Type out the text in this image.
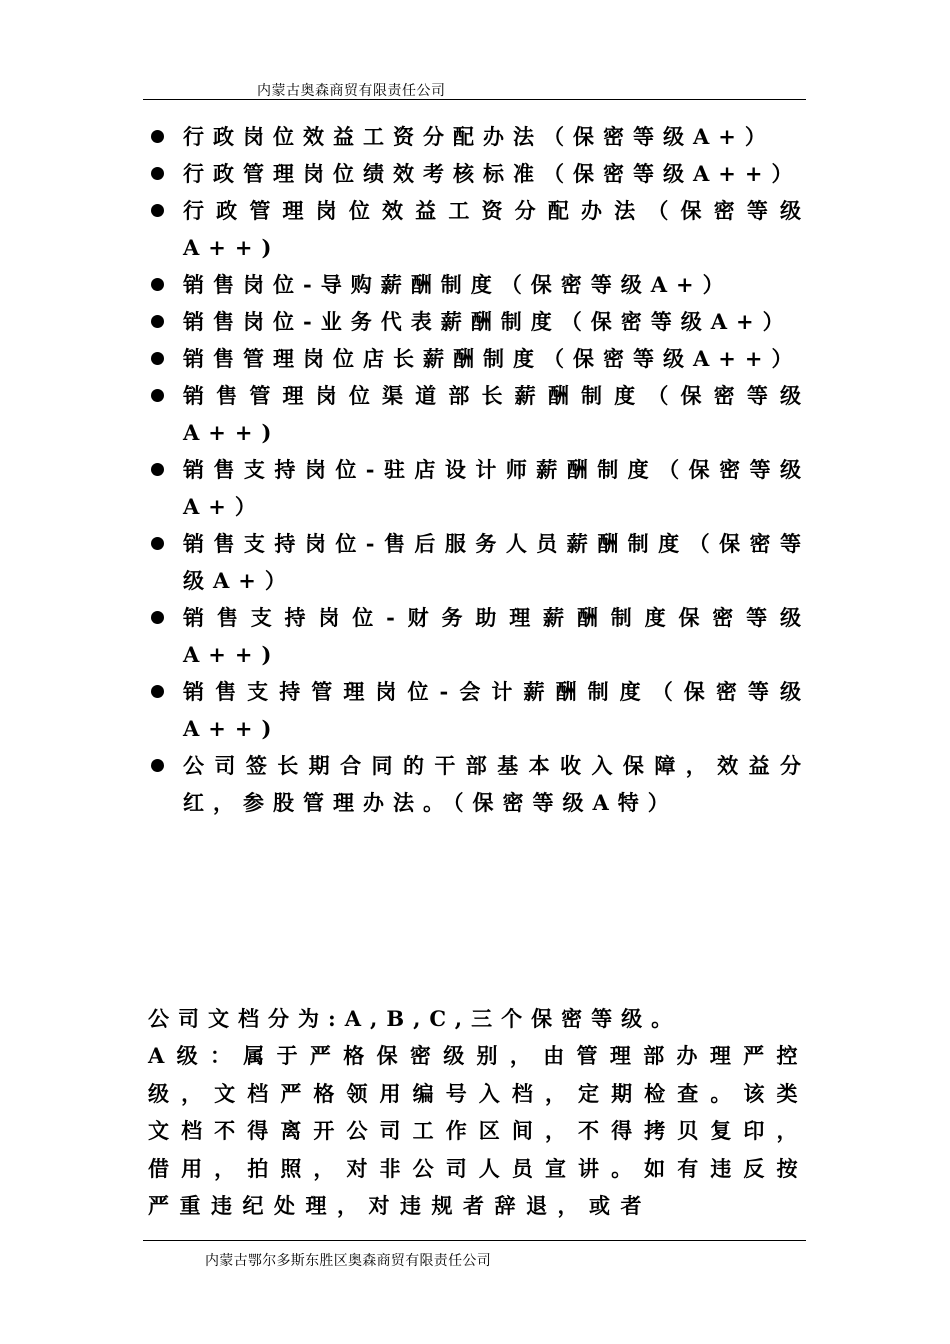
内蒙古奥森商贸有限责任公司
行政岗位效益工资分配办法（保密等级A+）
行政管理岗位绩效考核标准（保密等级A++）
行政管理岗位效益工资分配办法（保密等级A++)
销售岗位-导购薪酬制度（保密等级A+）
销售岗位-业务代表薪酬制度（保密等级A+）
销售管理岗位店长薪酬制度（保密等级A++）
销售管理岗位渠道部长薪酬制度（保密等级A++)
销售支持岗位-驻店设计师薪酬制度（保密等级A+）
销售支持岗位-售后服务人员薪酬制度（保密等级A+）
销售支持岗位-财务助理薪酬制度保密等级A++)
销售支持管理岗位-会计薪酬制度（保密等级A++)
公司签长期合同的干部基本收入保障，效益分红，参股管理办法。（保密等级A特）
公司文档分为:A,B,C,三个保密等级。
A级：属于严格保密级别，由管理部办理严控级，文档严格领用编号入档，定期检查。该类文档不得离开公司工作区间，不得拷贝复印，借用，拍照，对非公司人员宣讲。如有违反按严重违纪处理，对违规者辞退，或者
内蒙古鄂尔多斯东胜区奥森商贸有限责任公司
